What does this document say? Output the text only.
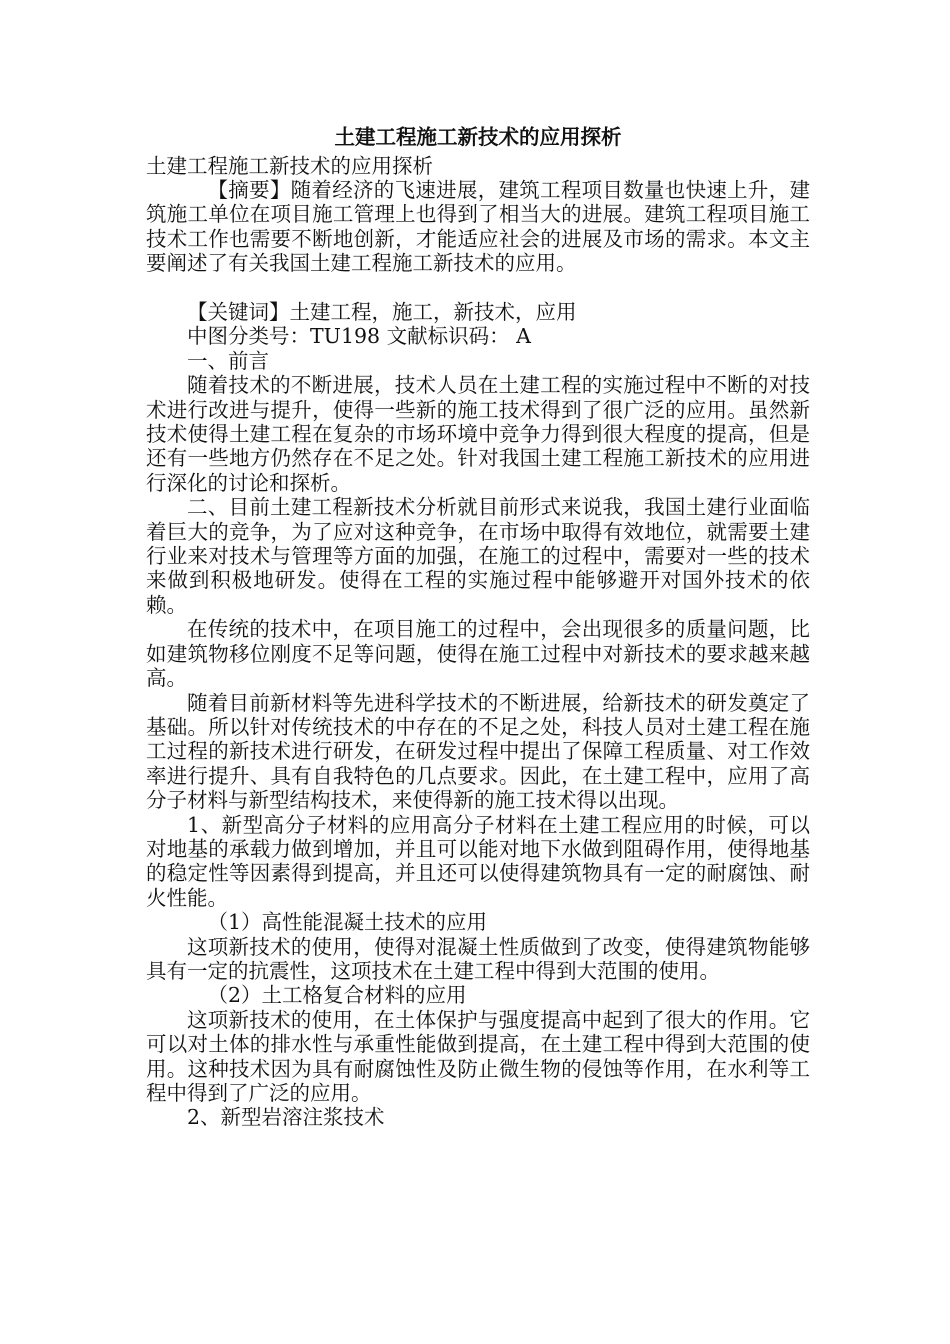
土建工程施工新技术的应用探析

土建工程施工新技术的应用探析

【摘要】随着经济的飞速进展，建筑工程项目数量也快速上升，建筑施工单位在项目施工管理上也得到了相当大的进展。建筑工程项目施工技术工作也需要不断地创新，才能适应社会的进展及市场的需求。本文主要阐述了有关我国土建工程施工新技术的应用。

【关键词】土建工程，施工，新技术，应用

中图分类号：TU198 文献标识码： A

一、前言

随着技术的不断进展，技术人员在土建工程的实施过程中不断的对技术进行改进与提升，使得一些新的施工技术得到了很广泛的应用。虽然新技术使得土建工程在复杂的市场环境中竞争力得到很大程度的提高，但是还有一些地方仍然存在不足之处。针对我国土建工程施工新技术的应用进行深化的讨论和探析。

二、目前土建工程新技术分析就目前形式来说我，我国土建行业面临着巨大的竞争，为了应对这种竞争，在市场中取得有效地位，就需要土建行业来对技术与管理等方面的加强，在施工的过程中，需要对一些的技术来做到积极地研发。使得在工程的实施过程中能够避开对国外技术的依赖。

在传统的技术中，在项目施工的过程中，会出现很多的质量问题，比如建筑物移位刚度不足等问题，使得在施工过程中对新技术的要求越来越高。

随着目前新材料等先进科学技术的不断进展，给新技术的研发奠定了基础。所以针对传统技术的中存在的不足之处，科技人员对土建工程在施工过程的新技术进行研发，在研发过程中提出了保障工程质量、对工作效率进行提升、具有自我特色的几点要求。因此，在土建工程中，应用了高分子材料与新型结构技术，来使得新的施工技术得以出现。

1、新型高分子材料的应用高分子材料在土建工程应用的时候，可以对地基的承载力做到增加，并且可以能对地下水做到阻碍作用，使得地基的稳定性等因素得到提高，并且还可以使得建筑物具有一定的耐腐蚀、耐火性能。

（1）高性能混凝土技术的应用

这项新技术的使用，使得对混凝土性质做到了改变，使得建筑物能够具有一定的抗震性，这项技术在土建工程中得到大范围的使用。

（2）土工格复合材料的应用

这项新技术的使用，在土体保护与强度提高中起到了很大的作用。它可以对土体的排水性与承重性能做到提高，在土建工程中得到大范围的使用。这种技术因为具有耐腐蚀性及防止微生物的侵蚀等作用，在水利等工程中得到了广泛的应用。

2、新型岩溶注浆技术
